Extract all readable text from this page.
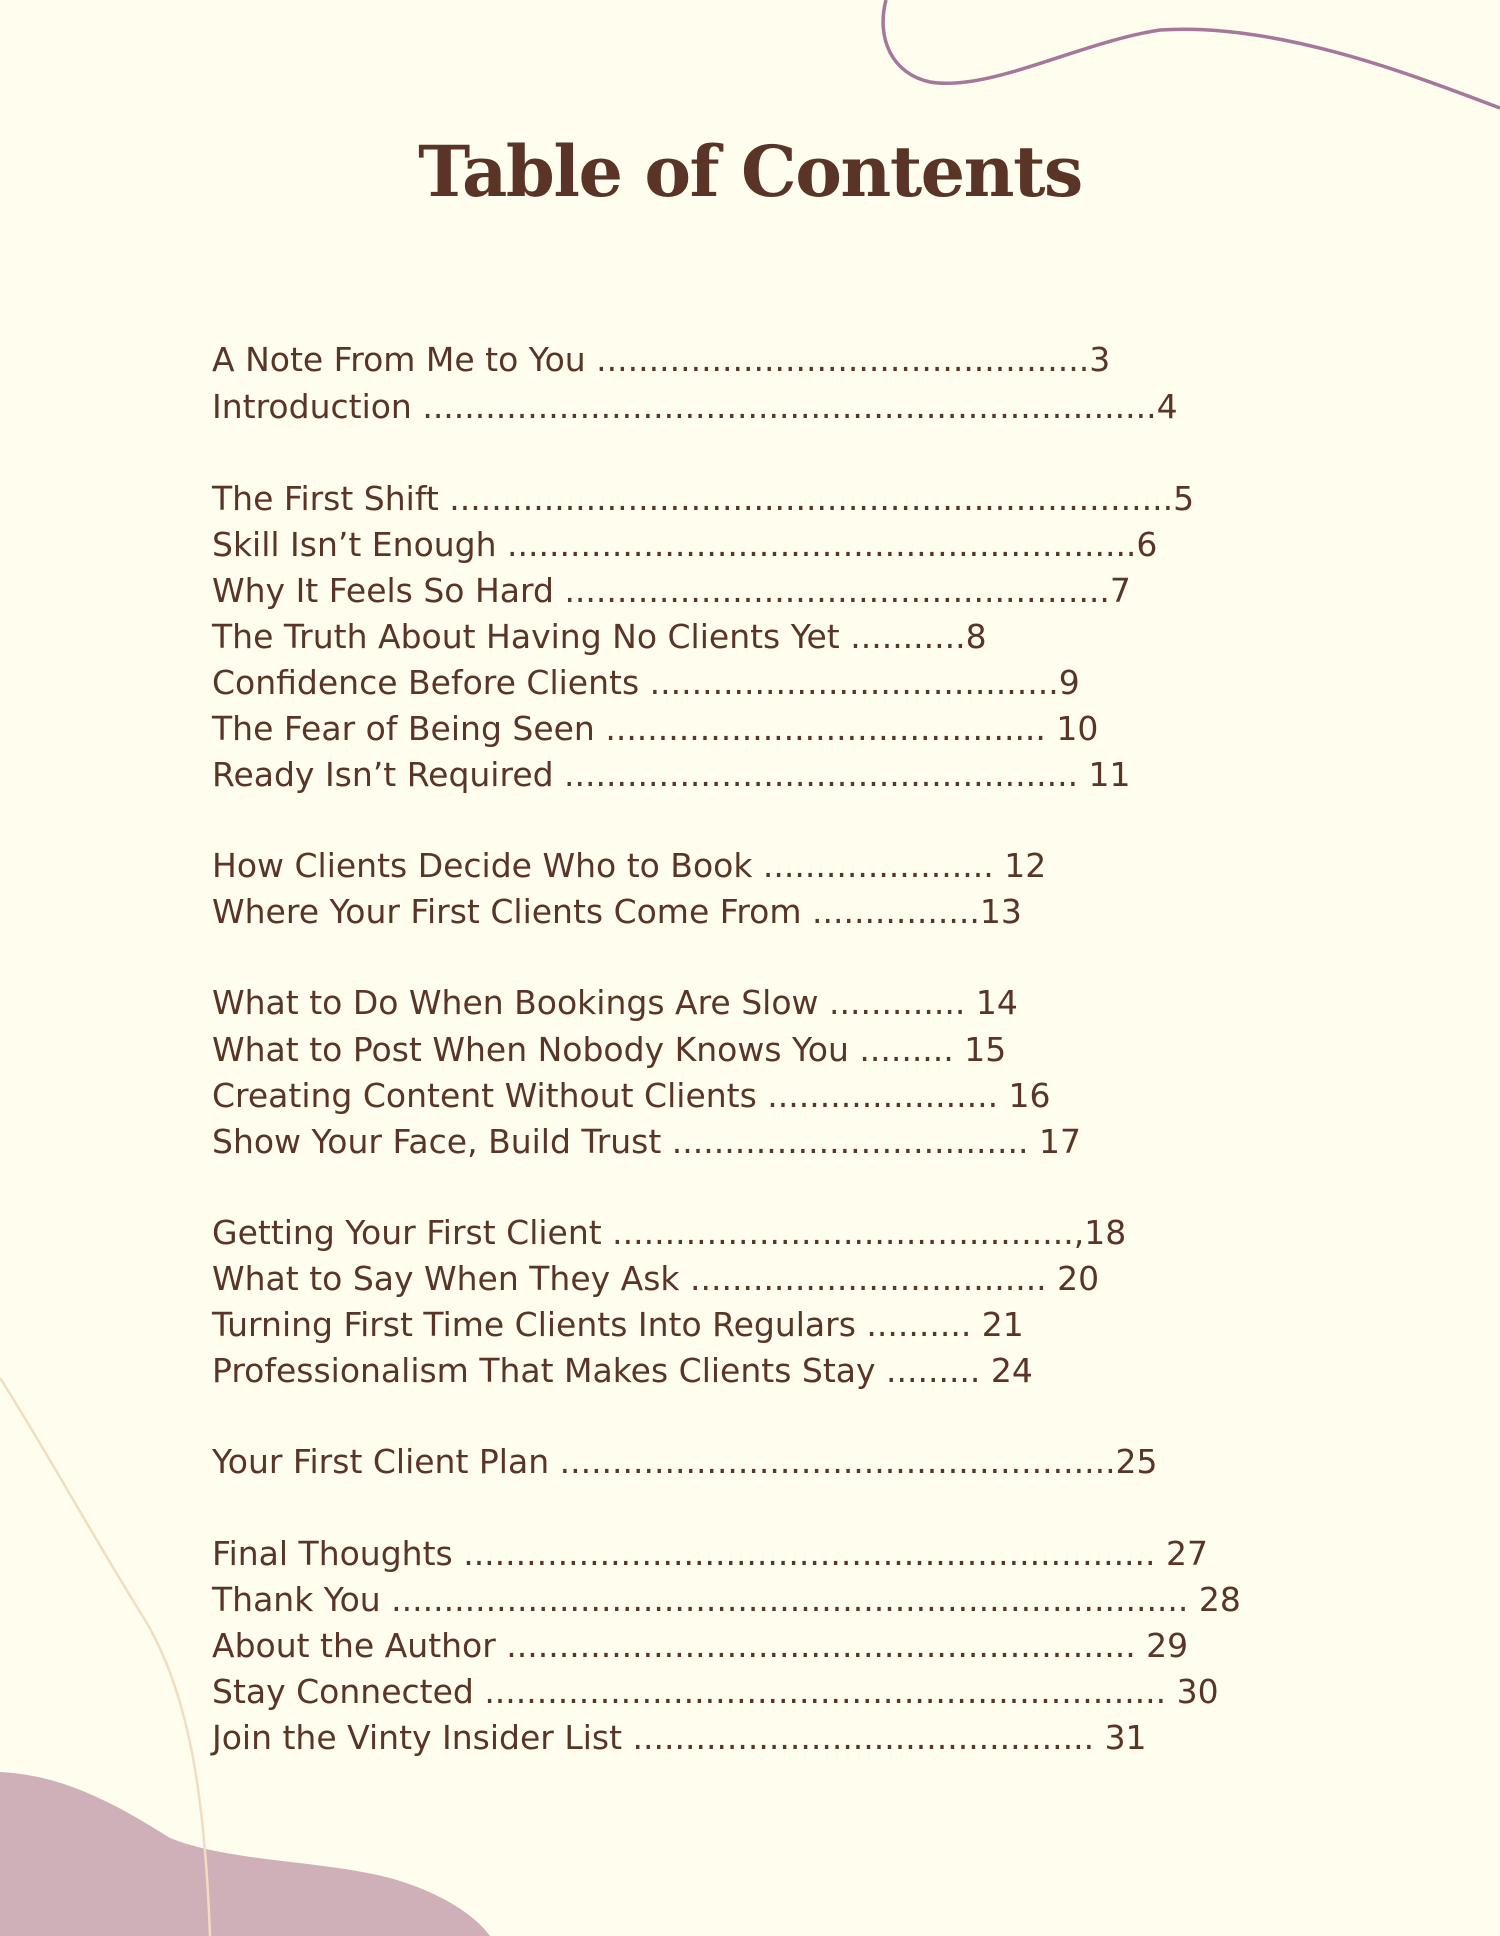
Table of Contents
A Note From Me to You ...............................................3
Introduction ......................................................................4
The First Shift .....................................................................5
Skill Isn’t Enough ............................................................6
Why It Feels So Hard ....................................................7
The Truth About Having No Clients Yet ...........8
Confidence Before Clients .......................................9
The Fear of Being Seen .......................................... 10
Ready Isn’t Required ................................................. 11
How Clients Decide Who to Book ...................... 12
Where Your First Clients Come From ................13
What to Do When Bookings Are Slow ............. 14
What to Post When Nobody Knows You ......... 15
Creating Content Without Clients ...................... 16
Show Your Face, Build Trust .................................. 17
Getting Your First Client ............................................,18
What to Say When They Ask .................................. 20
Turning First Time Clients Into Regulars .......... 21
Professionalism That Makes Clients Stay ......... 24
Your First Client Plan .....................................................25
Final Thoughts .................................................................. 27
Thank You ............................................................................ 28
About the Author ............................................................ 29
Stay Connected ................................................................. 30
Join the Vinty Insider List ............................................ 31
